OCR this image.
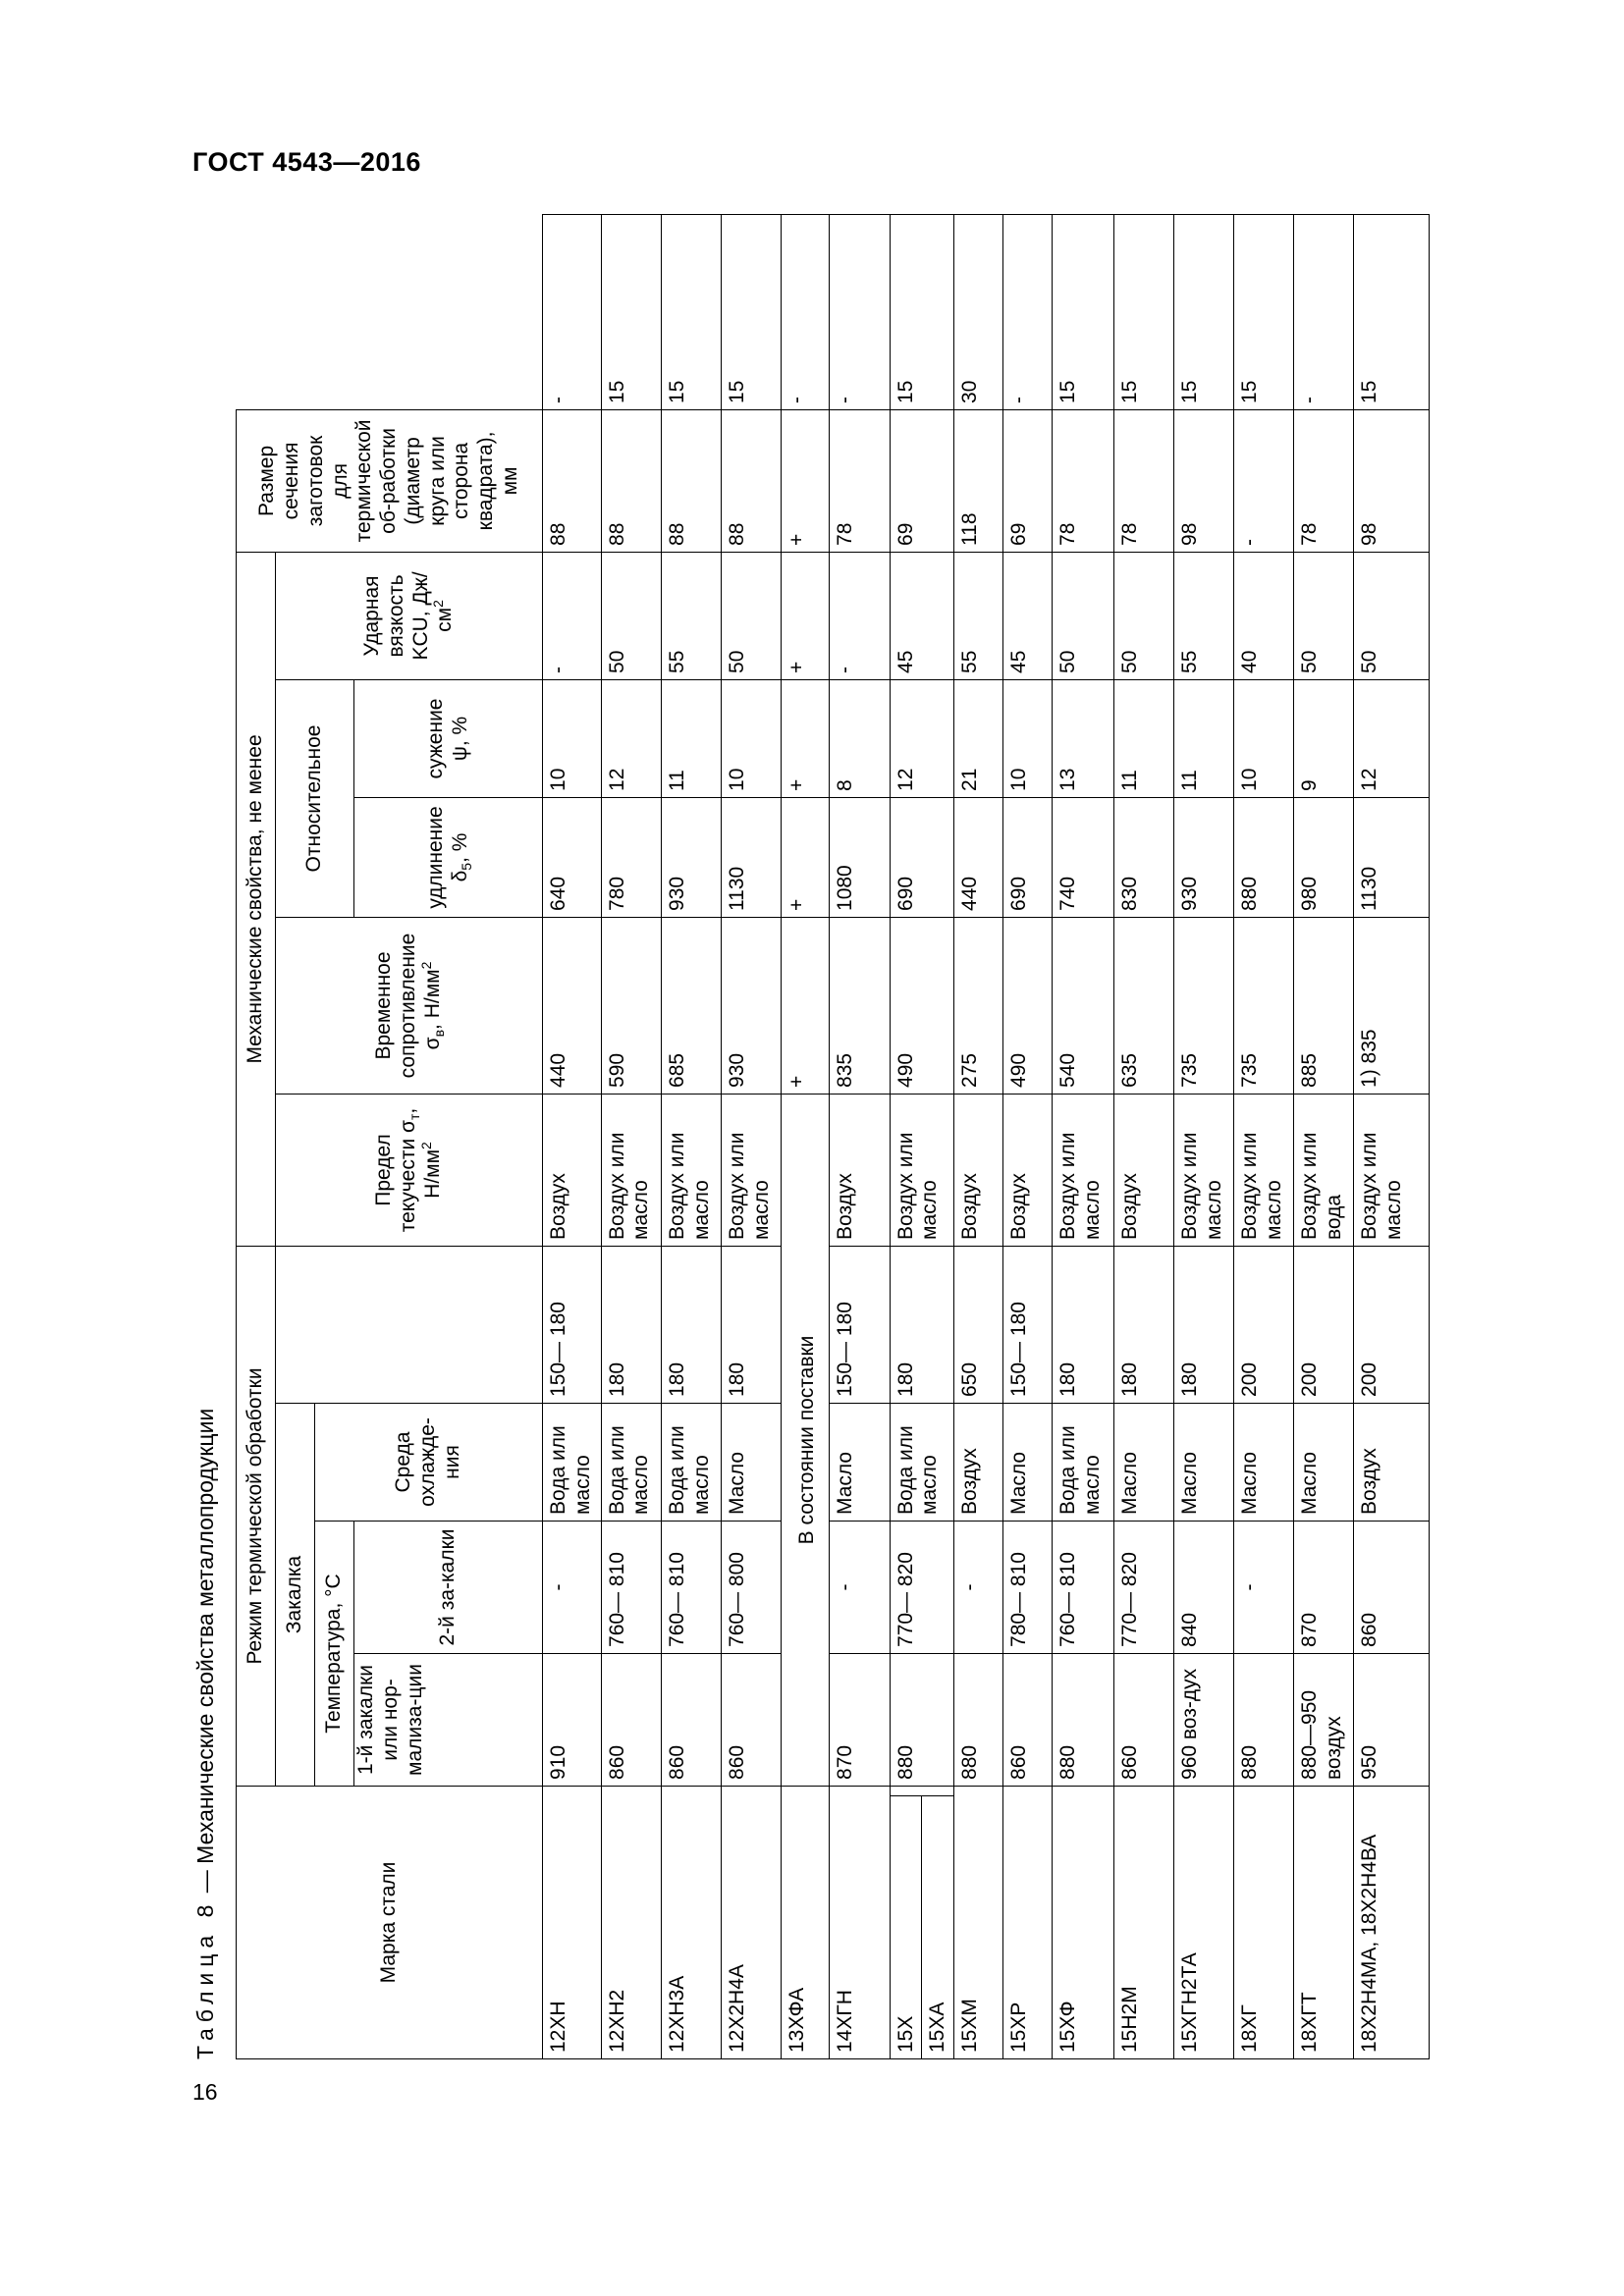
ГОСТ 4543—2016
16
Таблица 8 — Механические свойства металлопродукции
Марка стали		Режим термической обработки				Механические свойства, не менее					Размер сечения заготовок для термической об-работки (диаметр круга или сторона квадрата), мм	
		Закалка				Предел текучести $\sigma_т$, $Н/мм^2$	Временное сопротивление $\sigma_в$, $Н/мм^2$	Относительное		Ударная вязкость KCU, $Дж/см^2$
		Температура, °С		Среда охлажде-ния								
		1-й закалки или нор-мализа-ции	2-й за-калки					удлинение $\delta_5$, %	сужение ψ, %			

12ХН		910	-	Вода или масло	150— 180	Воздух	440	640	10	-	88	-
12ХН2		860	760— 810	Вода или масло	180	Воздух или масло	590	780	12	50	88	15
12ХН3А		860	760— 810	Вода или масло	180	Воздух или масло	685	930	11	55	88	15
12Х2Н4А		860	760— 800	Масло	180	Воздух или масло	930	1130	10	50	88	15
13ХФА		В состоянии поставки					+	+	+	+	+	-
14ХГН		870	-	Масло	150— 180	Воздух	835	1080	8	-	78	-
15Х		880	770— 820	Вода или масло	180	Воздух или масло	490	690	12	45	69	15
15ХА												
15ХМ		880	-	Воздух	650	Воздух	275	440	21	55	118	30
15ХР		860	780— 810	Масло	150— 180	Воздух	490	690	10	45	69	-
15ХФ		880	760— 810	Вода или масло	180	Воздух или масло	540	740	13	50	78	15
15Н2М		860	770— 820	Масло	180	Воздух	635	830	11	50	78	15
15ХГН2ТА		960 воз-дух	840	Масло	180	Воздух или масло	735	930	11	55	98	15
18ХГ		880	-	Масло	200	Воздух или масло	735	880	10	40	-	15
18ХГТ		880—950 воздух	870	Масло	200	Воздух или вода	885	980	9	50	78	-
18Х2Н4МА, 18Х2Н4ВА		950	860	Воздух	200	Воздух или масло	1) 835	1130	12	50	98	15
